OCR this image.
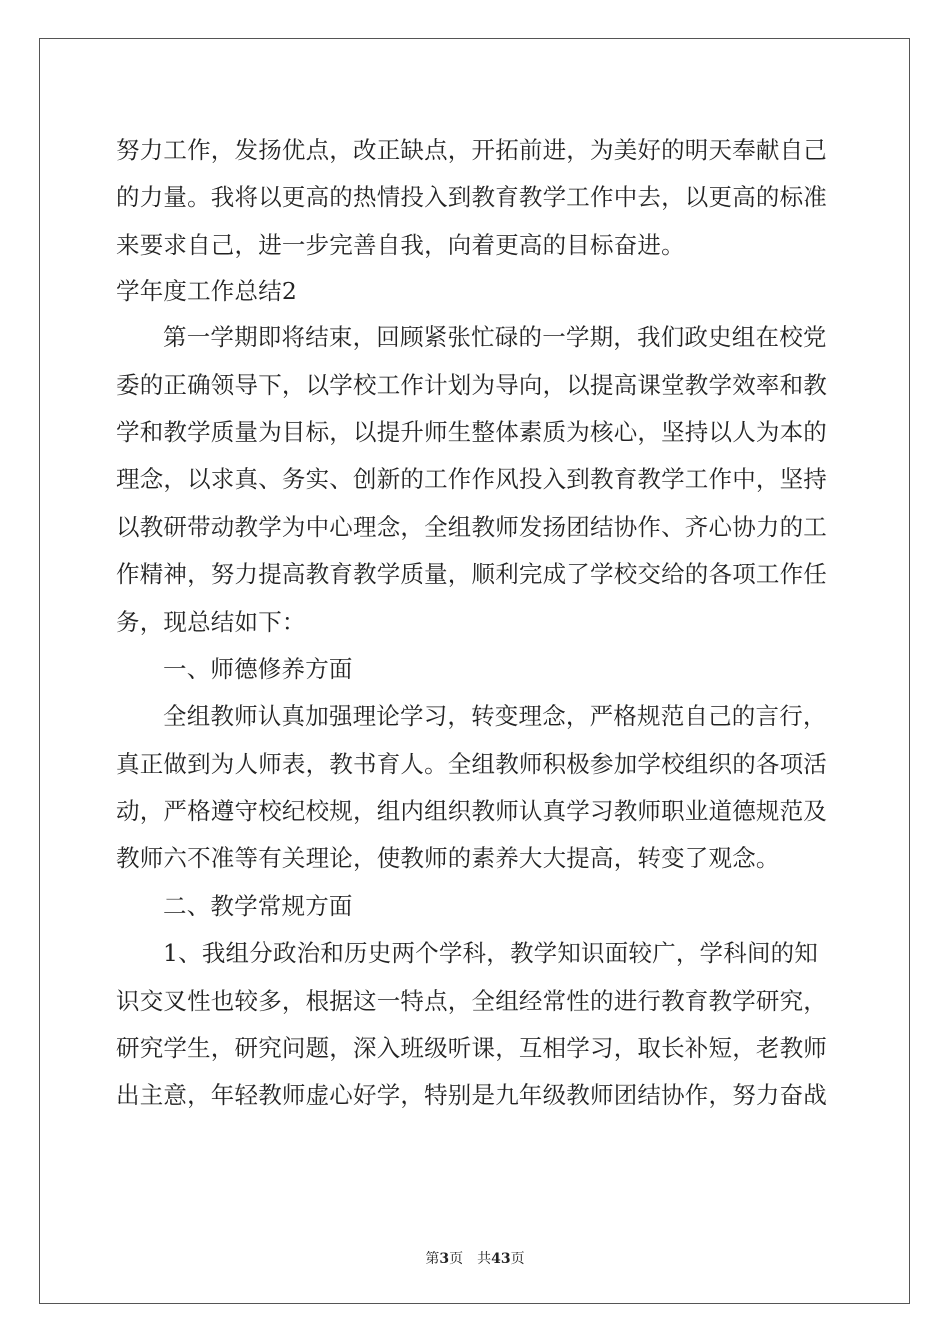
努力工作，发扬优点，改正缺点，开拓前进，为美好的明天奉献自己
的力量。我将以更高的热情投入到教育教学工作中去，以更高的标准
来要求自己，进一步完善自我，向着更高的目标奋进。
学年度工作总结2
第一学期即将结束，回顾紧张忙碌的一学期，我们政史组在校党
委的正确领导下，以学校工作计划为导向，以提高课堂教学效率和教
学和教学质量为目标，以提升师生整体素质为核心，坚持以人为本的
理念，以求真、务实、创新的工作作风投入到教育教学工作中，坚持
以教研带动教学为中心理念，全组教师发扬团结协作、齐心协力的工
作精神，努力提高教育教学质量，顺利完成了学校交给的各项工作任
务，现总结如下：
一、师德修养方面
全组教师认真加强理论学习，转变理念，严格规范自己的言行，
真正做到为人师表，教书育人。全组教师积极参加学校组织的各项活
动，严格遵守校纪校规，组内组织教师认真学习教师职业道德规范及
教师六不准等有关理论，使教师的素养大大提高，转变了观念。
二、教学常规方面
1、我组分政治和历史两个学科，教学知识面较广，学科间的知
识交叉性也较多，根据这一特点，全组经常性的进行教育教学研究，
研究学生，研究问题，深入班级听课，互相学习，取长补短，老教师
出主意，年轻教师虚心好学，特别是九年级教师团结协作，努力奋战
第3页　共43页
